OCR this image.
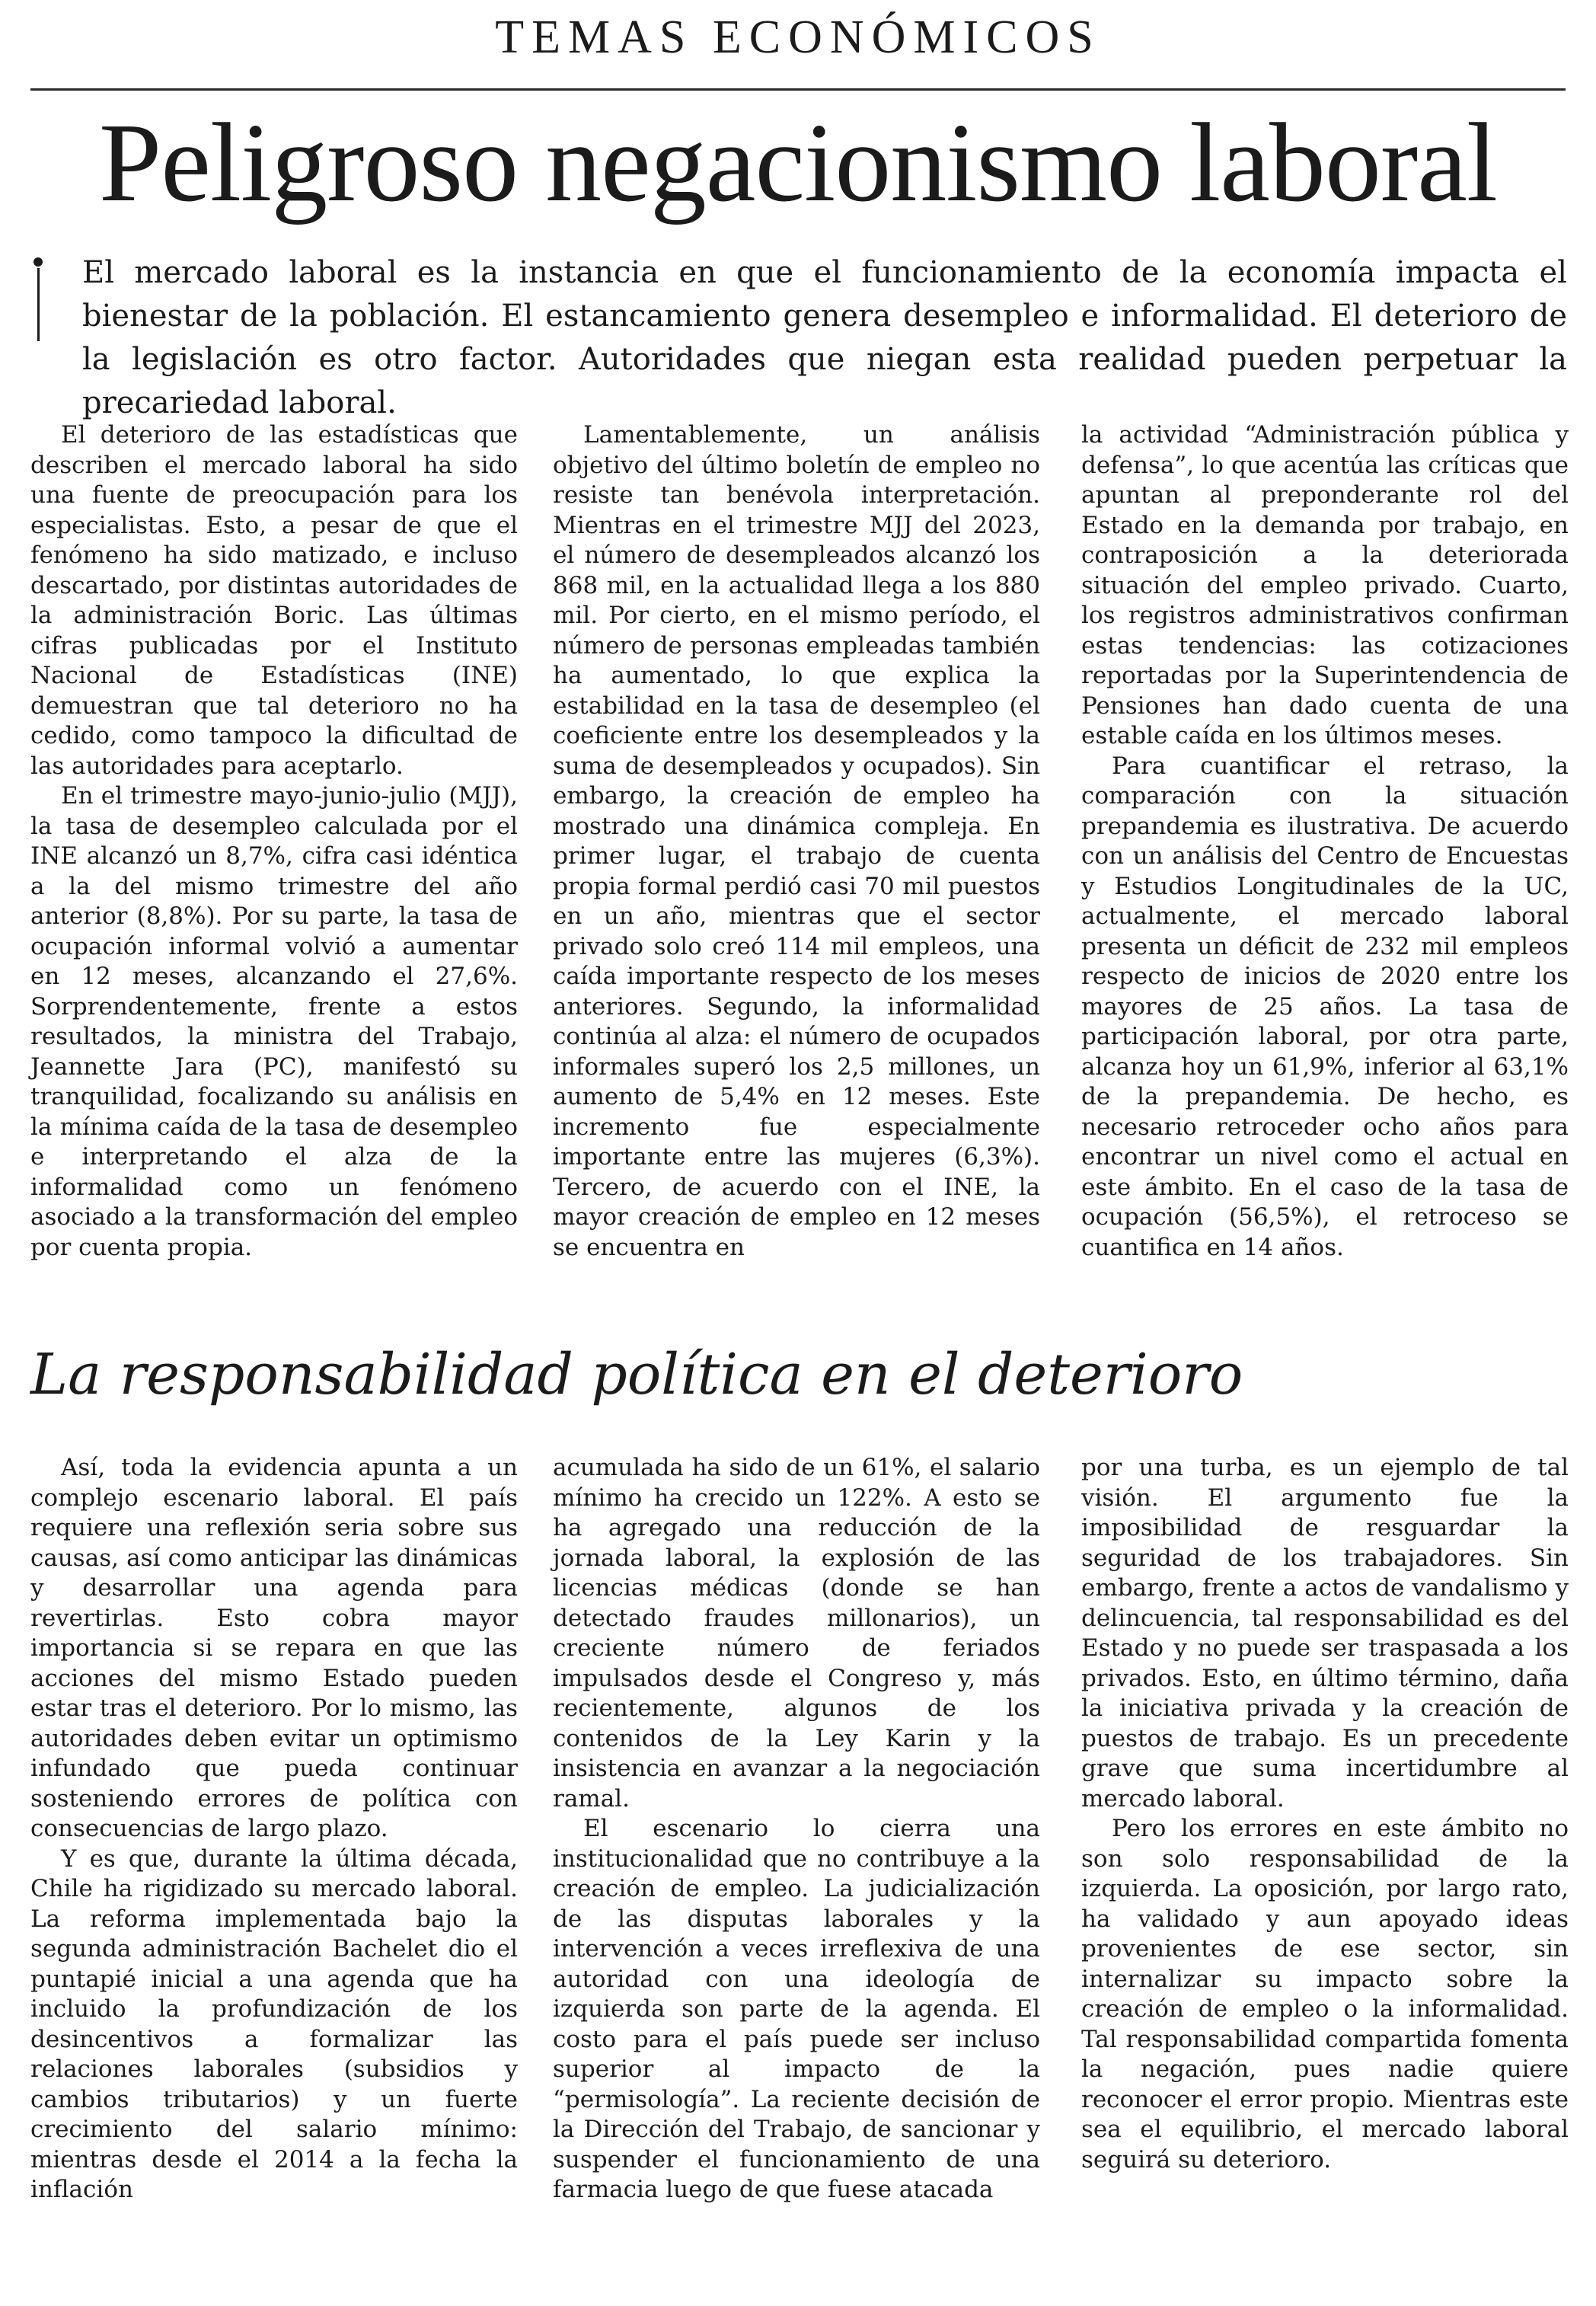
TEMAS ECONÓMICOS
Peligroso negacionismo laboral
El mercado laboral es la instancia en que el funcionamiento de la economía impacta el bienestar de la población. El estancamiento genera desempleo e informalidad. El deterioro de la legislación es otro factor. Autoridades que niegan esta realidad pueden perpetuar la precariedad laboral.

El deterioro de las estadísticas que describen el mercado laboral ha sido una fuente de preocupación para los especialistas. Esto, a pesar de que el fenómeno ha sido matizado, e incluso descartado, por distintas autoridades de la administración Boric. Las últimas cifras publicadas por el Instituto Nacional de Estadísticas (INE) demuestran que tal deterioro no ha cedido, como tampoco la dificultad de las autoridades para aceptarlo.

En el trimestre mayo-junio-julio (MJJ), la tasa de desempleo calculada por el INE alcanzó un 8,7%, cifra casi idéntica a la del mismo trimestre del año anterior (8,8%). Por su parte, la tasa de ocupación informal volvió a aumentar en 12 meses, alcanzando el 27,6%. Sorprendentemente, frente a estos resultados, la ministra del Trabajo, Jeannette Jara (PC), manifestó su tranquilidad, focalizando su análisis en la mínima caída de la tasa de desempleo e interpretando el alza de la informalidad como un fenómeno asociado a la transformación del empleo por cuenta propia.

Lamentablemente, un análisis objetivo del último boletín de empleo no resiste tan benévola interpretación. Mientras en el trimestre MJJ del 2023, el número de desempleados alcanzó los 868 mil, en la actualidad llega a los 880 mil. Por cierto, en el mismo período, el número de personas empleadas también ha aumentado, lo que explica la estabilidad en la tasa de desempleo (el coeficiente entre los desempleados y la suma de desempleados y ocupados). Sin embargo, la creación de empleo ha mostrado una dinámica compleja. En primer lugar, el trabajo de cuenta propia formal perdió casi 70 mil puestos en un año, mientras que el sector privado solo creó 114 mil empleos, una caída importante respecto de los meses anteriores. Segundo, la informalidad continúa al alza: el número de ocupados informales superó los 2,5 millones, un aumento de 5,4% en 12 meses. Este incremento fue especialmente importante entre las mujeres (6,3%). Tercero, de acuerdo con el INE, la mayor creación de empleo en 12 meses se encuentra en

la actividad “Administración pública y defensa”, lo que acentúa las críticas que apuntan al preponderante rol del Estado en la demanda por trabajo, en contraposición a la deteriorada situación del empleo privado. Cuarto, los registros administrativos confirman estas tendencias: las cotizaciones reportadas por la Superintendencia de Pensiones han dado cuenta de una estable caída en los últimos meses.

Para cuantificar el retraso, la comparación con la situación prepandemia es ilustrativa. De acuerdo con un análisis del Centro de Encuestas y Estudios Longitudinales de la UC, actualmente, el mercado laboral presenta un déficit de 232 mil empleos respecto de inicios de 2020 entre los mayores de 25 años. La tasa de participación laboral, por otra parte, alcanza hoy un 61,9%, inferior al 63,1% de la prepandemia. De hecho, es necesario retroceder ocho años para encontrar un nivel como el actual en este ámbito. En el caso de la tasa de ocupación (56,5%), el retroceso se cuantifica en 14 años.

La responsabilidad política en el deterioro

Así, toda la evidencia apunta a un complejo escenario laboral. El país requiere una reflexión seria sobre sus causas, así como anticipar las dinámicas y desarrollar una agenda para revertirlas. Esto cobra mayor importancia si se repara en que las acciones del mismo Estado pueden estar tras el deterioro. Por lo mismo, las autoridades deben evitar un optimismo infundado que pueda continuar sosteniendo errores de política con consecuencias de largo plazo.

Y es que, durante la última década, Chile ha rigidizado su mercado laboral. La reforma implementada bajo la segunda administración Bachelet dio el puntapié inicial a una agenda que ha incluido la profundización de los desincentivos a formalizar las relaciones laborales (subsidios y cambios tributarios) y un fuerte crecimiento del salario mínimo: mientras desde el 2014 a la fecha la inflación

acumulada ha sido de un 61%, el salario mínimo ha crecido un 122%. A esto se ha agregado una reducción de la jornada laboral, la explosión de las licencias médicas (donde se han detectado fraudes millonarios), un creciente número de feriados impulsados desde el Congreso y, más recientemente, algunos de los contenidos de la Ley Karin y la insistencia en avanzar a la negociación ramal.

El escenario lo cierra una institucionalidad que no contribuye a la creación de empleo. La judicialización de las disputas laborales y la intervención a veces irreflexiva de una autoridad con una ideología de izquierda son parte de la agenda. El costo para el país puede ser incluso superior al impacto de la “permisología”. La reciente decisión de la Dirección del Trabajo, de sancionar y suspender el funcionamiento de una farmacia luego de que fuese atacada

por una turba, es un ejemplo de tal visión. El argumento fue la imposibilidad de resguardar la seguridad de los trabajadores. Sin embargo, frente a actos de vandalismo y delincuencia, tal responsabilidad es del Estado y no puede ser traspasada a los privados. Esto, en último término, daña la iniciativa privada y la creación de puestos de trabajo. Es un precedente grave que suma incertidumbre al mercado laboral.

Pero los errores en este ámbito no son solo responsabilidad de la izquierda. La oposición, por largo rato, ha validado y aun apoyado ideas provenientes de ese sector, sin internalizar su impacto sobre la creación de empleo o la informalidad. Tal responsabilidad compartida fomenta la negación, pues nadie quiere reconocer el error propio. Mientras este sea el equilibrio, el mercado laboral seguirá su deterioro.
